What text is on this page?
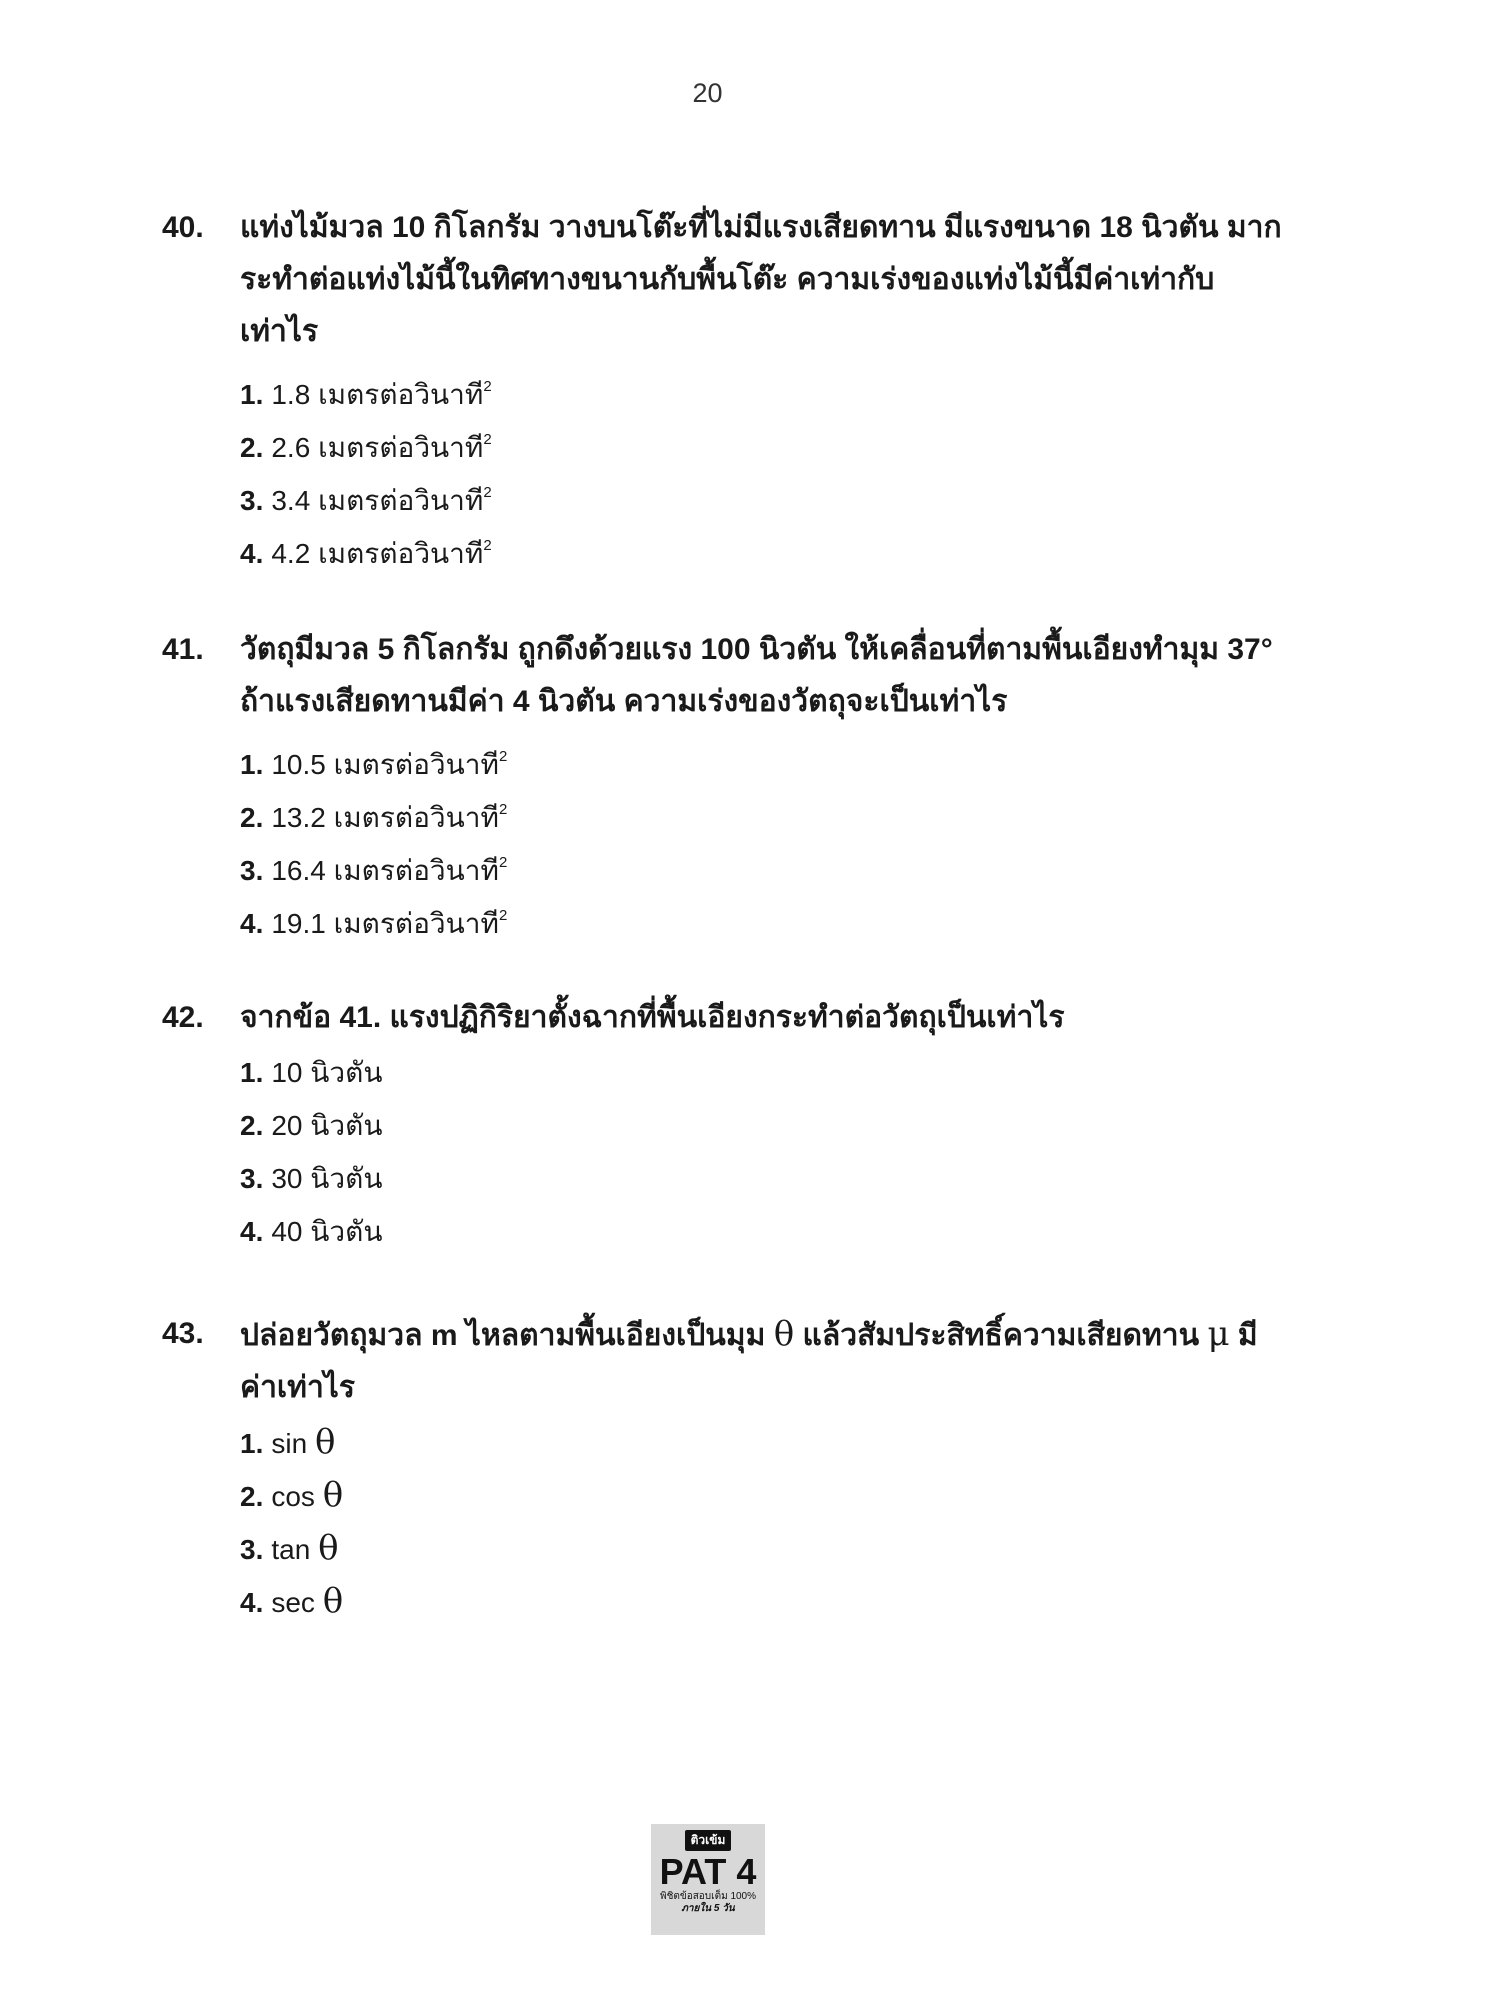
20
40.	แท่งไม้มวล 10 กิโลกรัม วางบนโต๊ะที่ไม่มีแรงเสียดทาน มีแรงขนาด 18 นิวตัน มากระทำต่อแท่งไม้นี้ในทิศทางขนานกับพื้นโต๊ะ ความเร่งของแท่งไม้นี้มีค่าเท่ากับเท่าไร
1. 1.8 เมตรต่อวินาที$^2$
2. 2.6 เมตรต่อวินาที$^2$
3. 3.4 เมตรต่อวินาที$^2$
4. 4.2 เมตรต่อวินาที$^2$
41.	วัตถุมีมวล 5 กิโลกรัม ถูกดึงด้วยแรง 100 นิวตัน ให้เคลื่อนที่ตามพื้นเอียงทำมุม 37° ถ้าแรงเสียดทานมีค่า 4 นิวตัน ความเร่งของวัตถุจะเป็นเท่าไร
1. 10.5 เมตรต่อวินาที$^2$
2. 13.2 เมตรต่อวินาที$^2$
3. 16.4 เมตรต่อวินาที$^2$
4. 19.1 เมตรต่อวินาที$^2$
42.	จากข้อ 41. แรงปฏิกิริยาตั้งฉากที่พื้นเอียงกระทำต่อวัตถุเป็นเท่าไร
1. 10 นิวตัน
2. 20 นิวตัน
3. 30 นิวตัน
4. 40 นิวตัน
43.	ปล่อยวัตถุมวล m ไหลตามพื้นเอียงเป็นมุม θ แล้วสัมประสิทธิ์ความเสียดทาน μ มีค่าเท่าไร
1. sin θ
2. cos θ
3. tan θ
4. sec θ
ติวเข้ม
PAT 4
พิชิตข้อสอบเต็ม 100%
ภายใน 5 วัน
